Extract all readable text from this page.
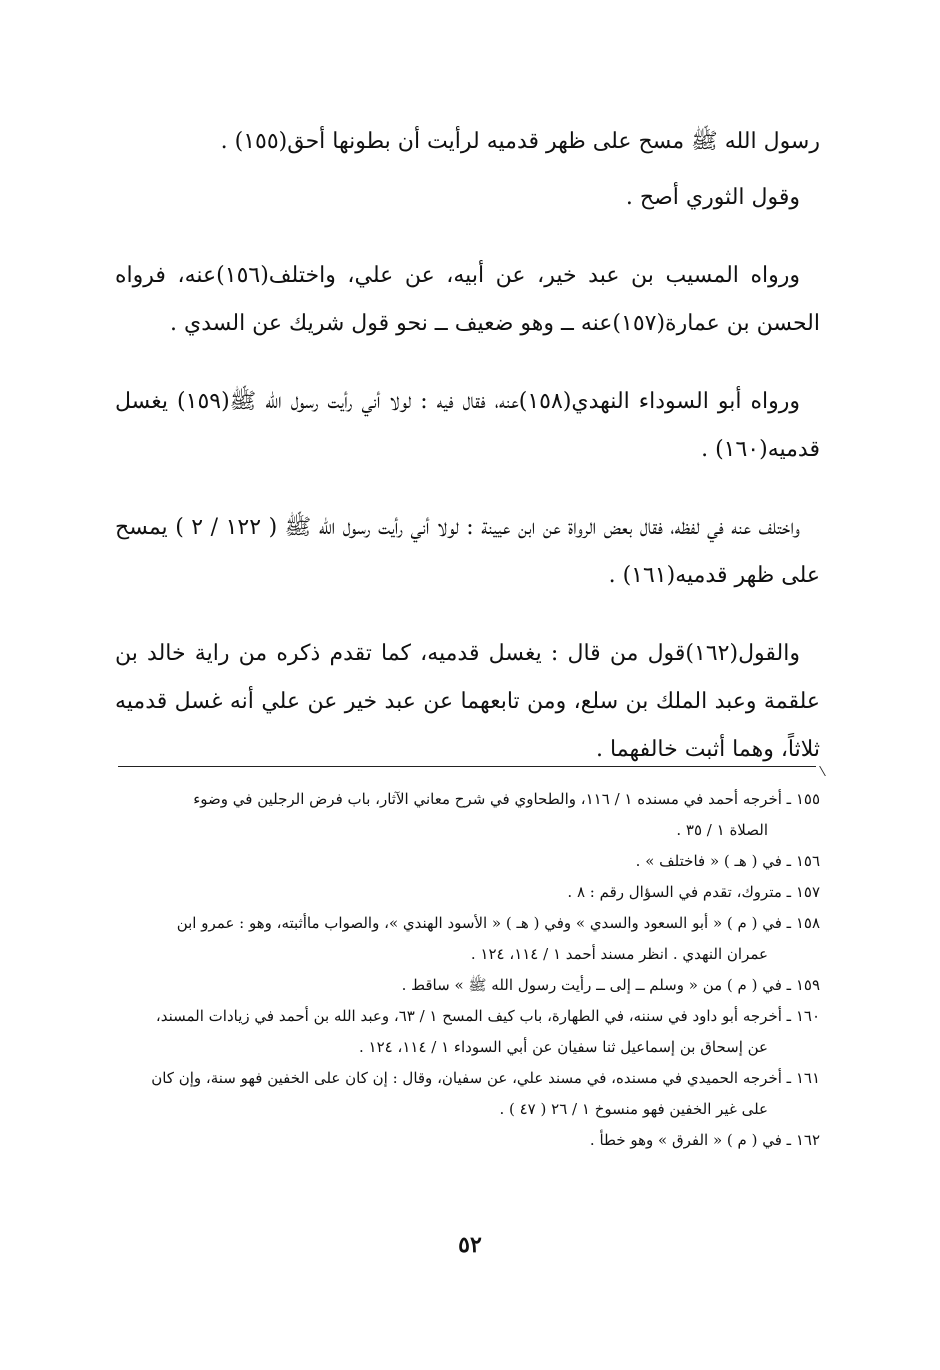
رسول الله ﷺ مسح على ظهر قدميه لرأيت أن بطونها أحق(١٥٥) .

وقول الثوري أصح .

ورواه المسيب بن عبد خير، عن أبيه، عن علي، واختلف(١٥٦)عنه، فرواه الحسن بن عمارة(١٥٧)عنه ــ وهو ضعيف ــ نحو قول شريك عن السدي .

ورواه أبو السوداء النهدي(١٥٨)عنه، فقال فيه : لولا أني رأيت رسول الله ﷺ(١٥٩) يغسل قدميه(١٦٠) .

واختلف عنه في لفظه، فقال بعض الرواة عن ابن عيينة : لولا أني رأيت رسول الله ﷺ ( ١٢٢ / ٢ ) يمسح على ظهر قدميه(١٦١) .

والقول(١٦٢)قول من قال : يغسل قدميه، كما تقدم ذكره من راية خالد بن علقمة وعبد الملك بن سلع، ومن تابعهما عن عبد خير عن علي أنه غسل قدميه ثلاثاً، وهما أثبت خالفهما .

١٥٥ ـ أخرجه أحمد في مسنده ١ / ١١٦، والطحاوي في شرح معاني الآثار، باب فرض الرجلين في وضوء
الصلاة ١ / ٣٥ .

١٥٦ ـ في ( هـ ) « فاختلف » .

١٥٧ ـ متروك، تقدم في السؤال رقم : ٨ .

١٥٨ ـ في ( م ) « أبو السعود والسدي » وفي ( هـ ) « الأسود الهندي »، والصواب ماأثبته، وهو : عمرو ابن
عمران النهدي . انظر مسند أحمد ١ / ١١٤، ١٢٤ .

١٥٩ ـ في ( م ) من « وسلم ــ إلى ــ رأيت رسول الله ﷺ » ساقط .

١٦٠ ـ أخرجه أبو داود في سننه، في الطهارة، باب كيف المسح ١ / ٦٣، وعبد الله بن أحمد في زيادات المسند،
عن إسحاق بن إسماعيل ثنا سفيان عن أبي السوداء ١ / ١١٤، ١٢٤ .

١٦١ ـ أخرجه الحميدي في مسنده، في مسند علي، عن سفيان، وقال : إن كان على الخفين فهو سنة، وإن كان
على غير الخفين فهو منسوخ ١ / ٢٦ ( ٤٧ ) .

١٦٢ ـ في ( م ) « الفرق » وهو خطأ .

٥٢
